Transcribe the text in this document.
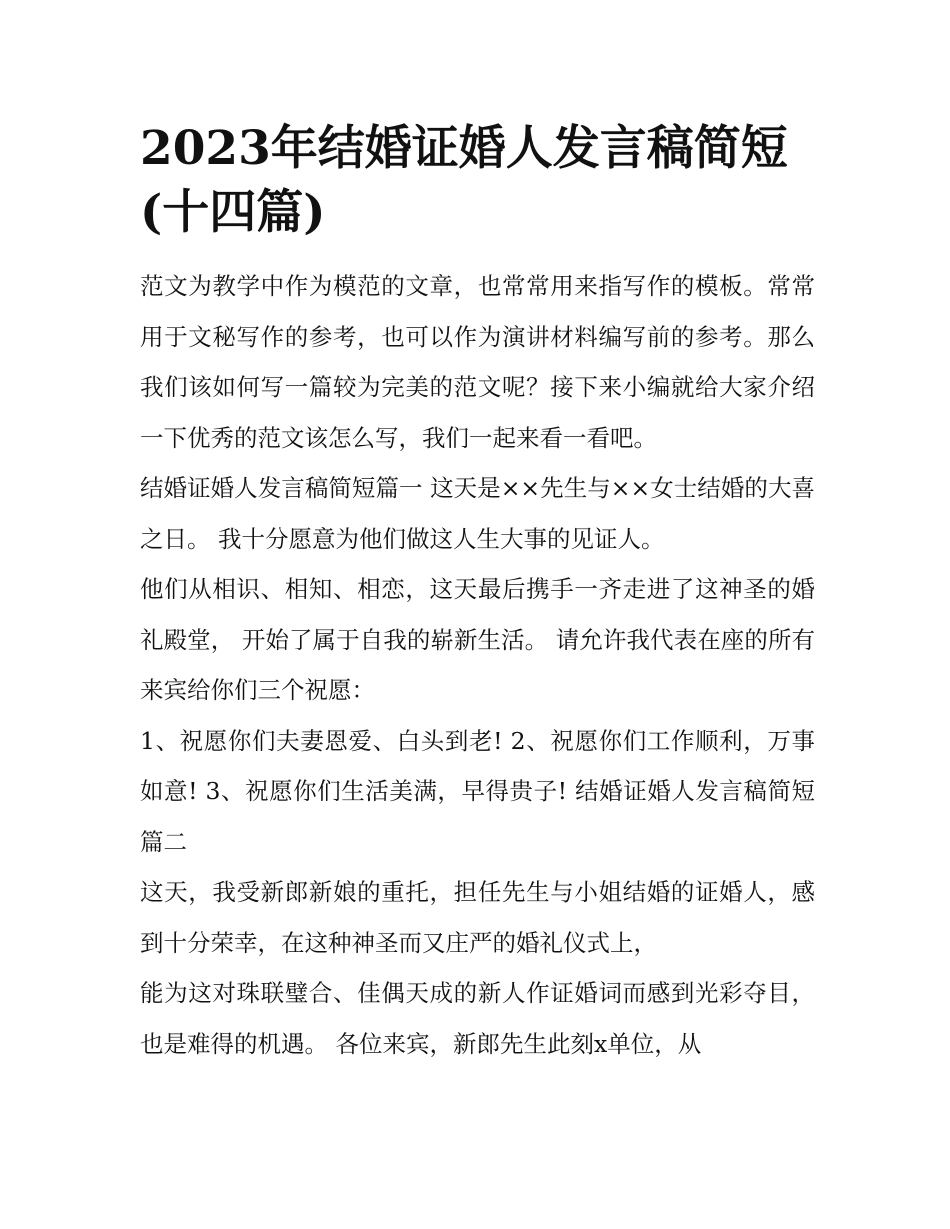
2023年结婚证婚人发言稿简短(十四篇)

范文为教学中作为模范的文章，也常常用来指写作的模板。常常用于文秘写作的参考，也可以作为演讲材料编写前的参考。那么我们该如何写一篇较为完美的范文呢？接下来小编就给大家介绍一下优秀的范文该怎么写，我们一起来看一看吧。

结婚证婚人发言稿简短篇一 这天是××先生与××女士结婚的大喜之日。 我十分愿意为他们做这人生大事的见证人。

他们从相识、相知、相恋，这天最后携手一齐走进了这神圣的婚礼殿堂， 开始了属于自我的崭新生活。 请允许我代表在座的所有来宾给你们三个祝愿：

1、祝愿你们夫妻恩爱、白头到老! 2、祝愿你们工作顺利，万事如意! 3、祝愿你们生活美满，早得贵子! 结婚证婚人发言稿简短篇二

这天，我受新郎新娘的重托，担任先生与小姐结婚的证婚人，感到十分荣幸，在这种神圣而又庄严的婚礼仪式上，

能为这对珠联璧合、佳偶天成的新人作证婚词而感到光彩夺目，也是难得的机遇。 各位来宾，新郎先生此刻x单位，从
